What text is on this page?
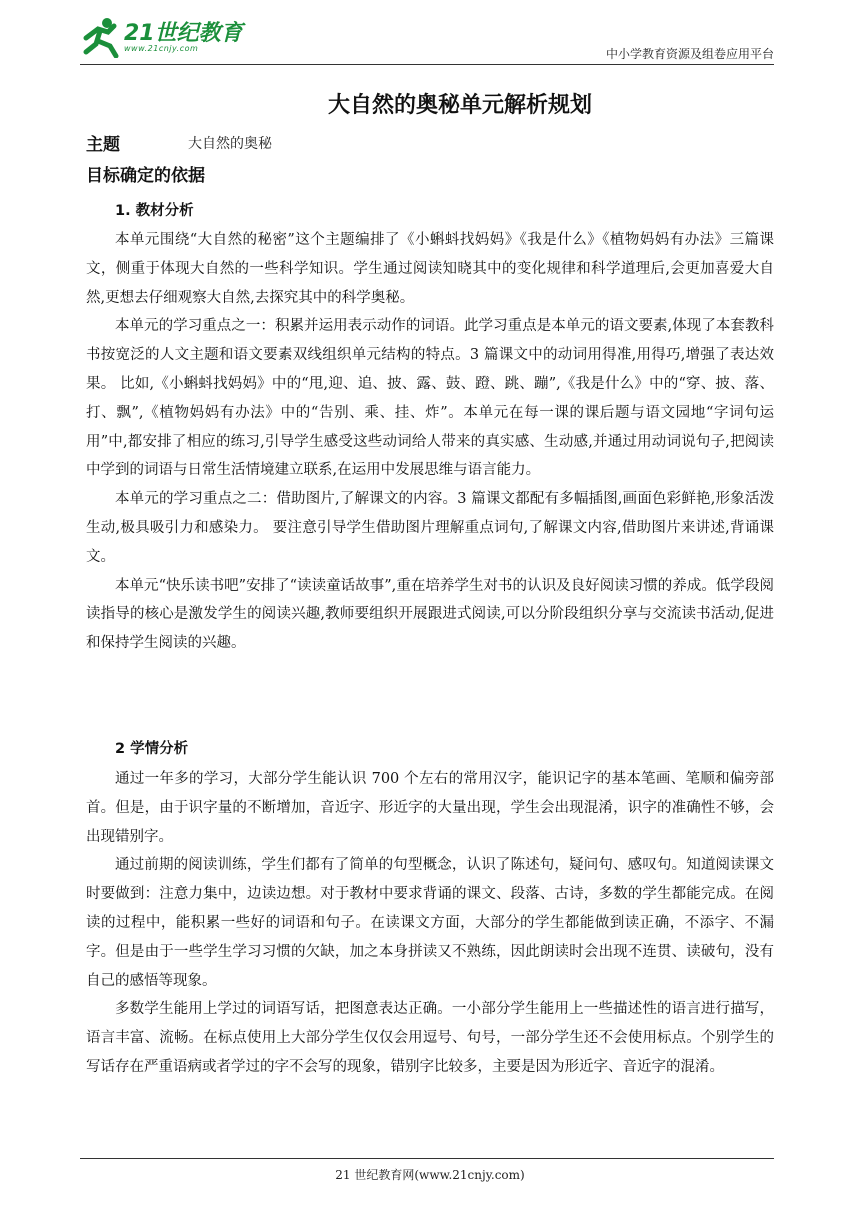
21世纪教育
www.21cnjy.com	中小学教育资源及组卷应用平台
大自然的奥秘单元解析规划
主题	大自然的奥秘
目标确定的依据
1. 教材分析

本单元围绕“大自然的秘密”这个主题编排了《小蝌蚪找妈妈》《我是什么》《植物妈妈有办法》三篇课文，侧重于体现大自然的一些科学知识。学生通过阅读知晓其中的变化规律和科学道理后,会更加喜爱大自然,更想去仔细观察大自然,去探究其中的科学奥秘。

本单元的学习重点之一：积累并运用表示动作的词语。此学习重点是本单元的语文要素,体现了本套教科书按宽泛的人文主题和语文要素双线组织单元结构的特点。3 篇课文中的动词用得准,用得巧,增强了表达效果。 比如,《小蝌蚪找妈妈》中的“甩,迎、追、披、露、鼓、蹬、跳、蹦”,《我是什么》中的“穿、披、落、打、飘”,《植物妈妈有办法》中的“告别、乘、挂、炸”。本单元在每一课的课后题与语文园地“字词句运用”中,都安排了相应的练习,引导学生感受这些动词给人带来的真实感、生动感,并通过用动词说句子,把阅读中学到的词语与日常生活情境建立联系,在运用中发展思维与语言能力。

本单元的学习重点之二：借助图片,了解课文的内容。3 篇课文都配有多幅插图,画面色彩鲜艳,形象活泼生动,极具吸引力和感染力。 要注意引导学生借助图片理解重点词句,了解课文内容,借助图片来讲述,背诵课文。

本单元“快乐读书吧”安排了“读读童话故事”,重在培养学生对书的认识及良好阅读习惯的养成。低学段阅读指导的核心是激发学生的阅读兴趣,教师要组织开展跟进式阅读,可以分阶段组织分享与交流读书活动,促进和保持学生阅读的兴趣。

2 学情分析

通过一年多的学习，大部分学生能认识 700 个左右的常用汉字，能识记字的基本笔画、笔顺和偏旁部首。但是，由于识字量的不断增加，音近字、形近字的大量出现，学生会出现混淆，识字的准确性不够，会出现错别字。

通过前期的阅读训练，学生们都有了简单的句型概念，认识了陈述句，疑问句、感叹句。知道阅读课文时要做到：注意力集中，边读边想。对于教材中要求背诵的课文、段落、古诗，多数的学生都能完成。在阅读的过程中，能积累一些好的词语和句子。在读课文方面，大部分的学生都能做到读正确，不添字、不漏字。但是由于一些学生学习习惯的欠缺，加之本身拼读又不熟练，因此朗读时会出现不连贯、读破句，没有自己的感悟等现象。

多数学生能用上学过的词语写话，把图意表达正确。一小部分学生能用上一些描述性的语言进行描写，语言丰富、流畅。在标点使用上大部分学生仅仅会用逗号、句号，一部分学生还不会使用标点。个别学生的写话存在严重语病或者学过的字不会写的现象，错别字比较多，主要是因为形近字、音近字的混淆。

21 世纪教育网(www.21cnjy.com)
